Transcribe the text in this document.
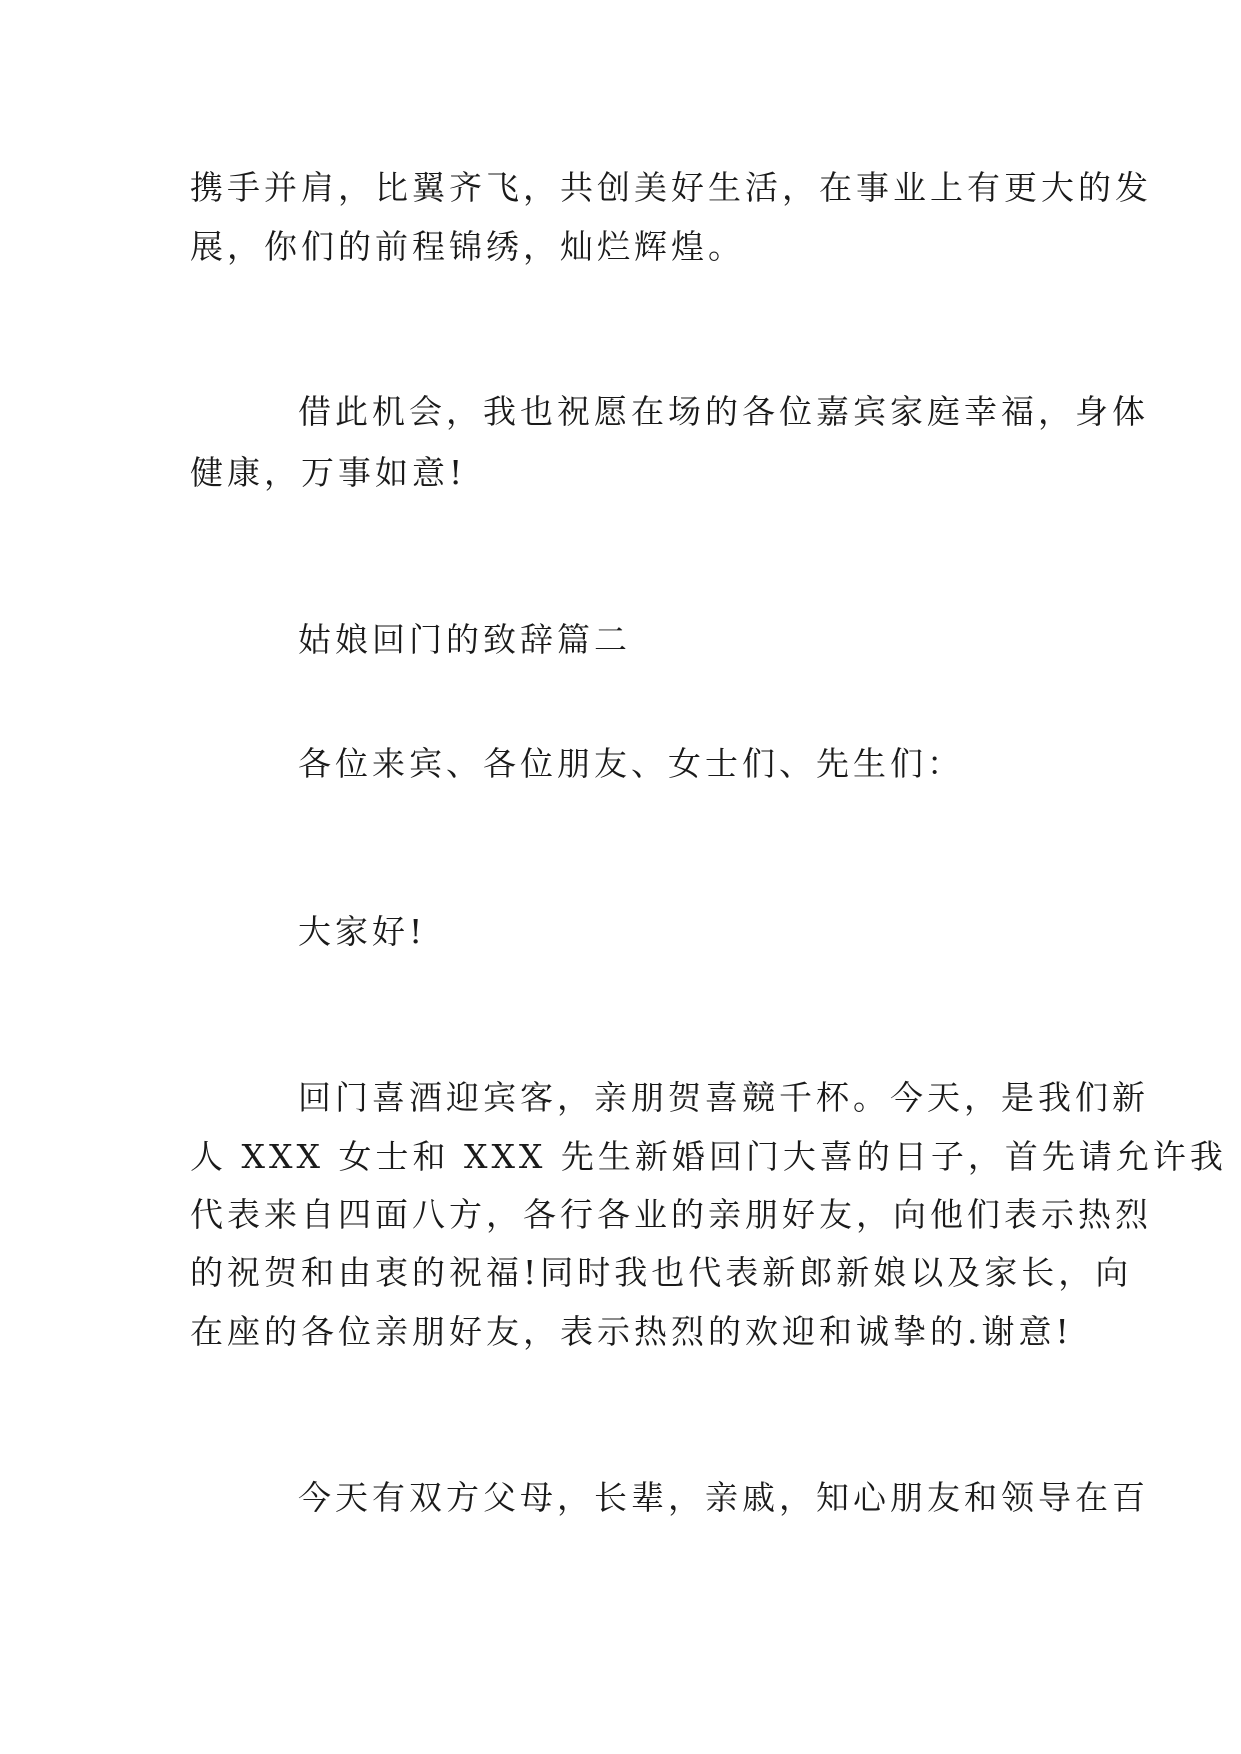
携手并肩，比翼齐飞，共创美好生活，在事业上有更大的发

展，你们的前程锦绣，灿烂辉煌。

借此机会，我也祝愿在场的各位嘉宾家庭幸福，身体

健康，万事如意!

姑娘回门的致辞篇二

各位来宾、各位朋友、女士们、先生们：

大家好!

回门喜酒迎宾客，亲朋贺喜競千杯。今天，是我们新

人 XXX 女士和 XXX 先生新婚回门大喜的日子，首先请允许我

代表来自四面八方，各行各业的亲朋好友，向他们表示热烈

的祝贺和由衷的祝福!同时我也代表新郎新娘以及家长，向

在座的各位亲朋好友，表示热烈的欢迎和诚挚的.谢意!

今天有双方父母，长辈，亲戚，知心朋友和领导在百
